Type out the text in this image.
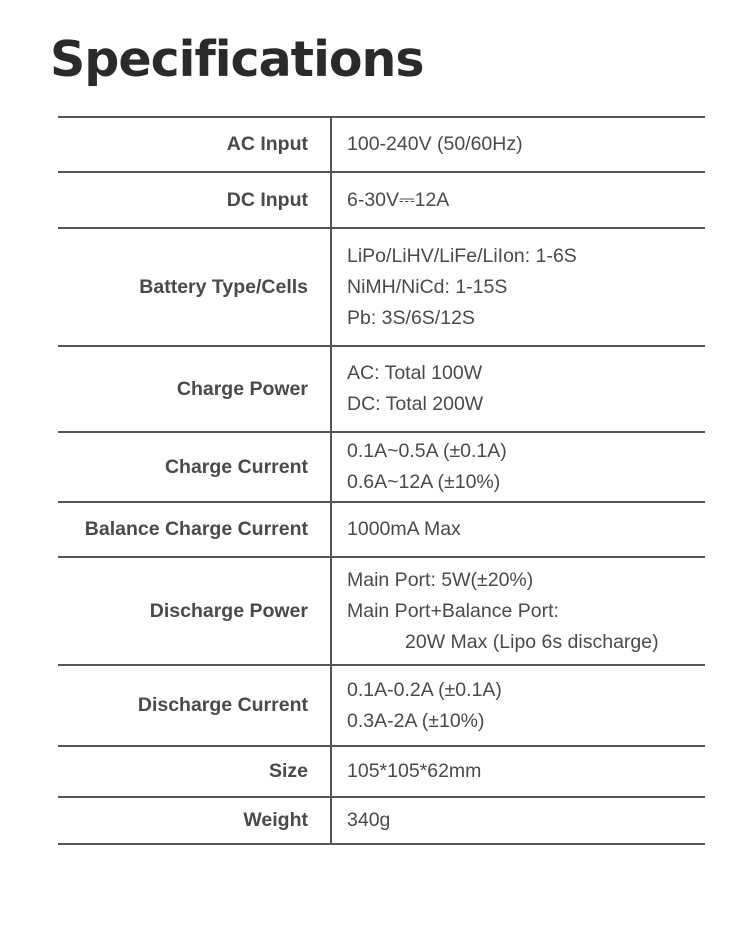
Specifications
AC Input	100-240V (50/60Hz)

DC Input	6-30V⎓12A

Battery Type/Cells	LiPo/LiHV/LiFe/LiIon: 1-6S
NiMH/NiCd: 1-15S
Pb: 3S/6S/12S

Charge Power	AC: Total 100W
DC: Total 200W

Charge Current	0.1A~0.5A (±0.1A)
0.6A~12A (±10%)

Balance Charge Current	1000mA Max

Discharge Power	Main Port: 5W(±20%)
Main Port+Balance Port:
20W Max (Lipo 6s discharge)

Discharge Current	0.1A-0.2A (±0.1A)
0.3A-2A (±10%)

Size	105*105*62mm

Weight	340g
